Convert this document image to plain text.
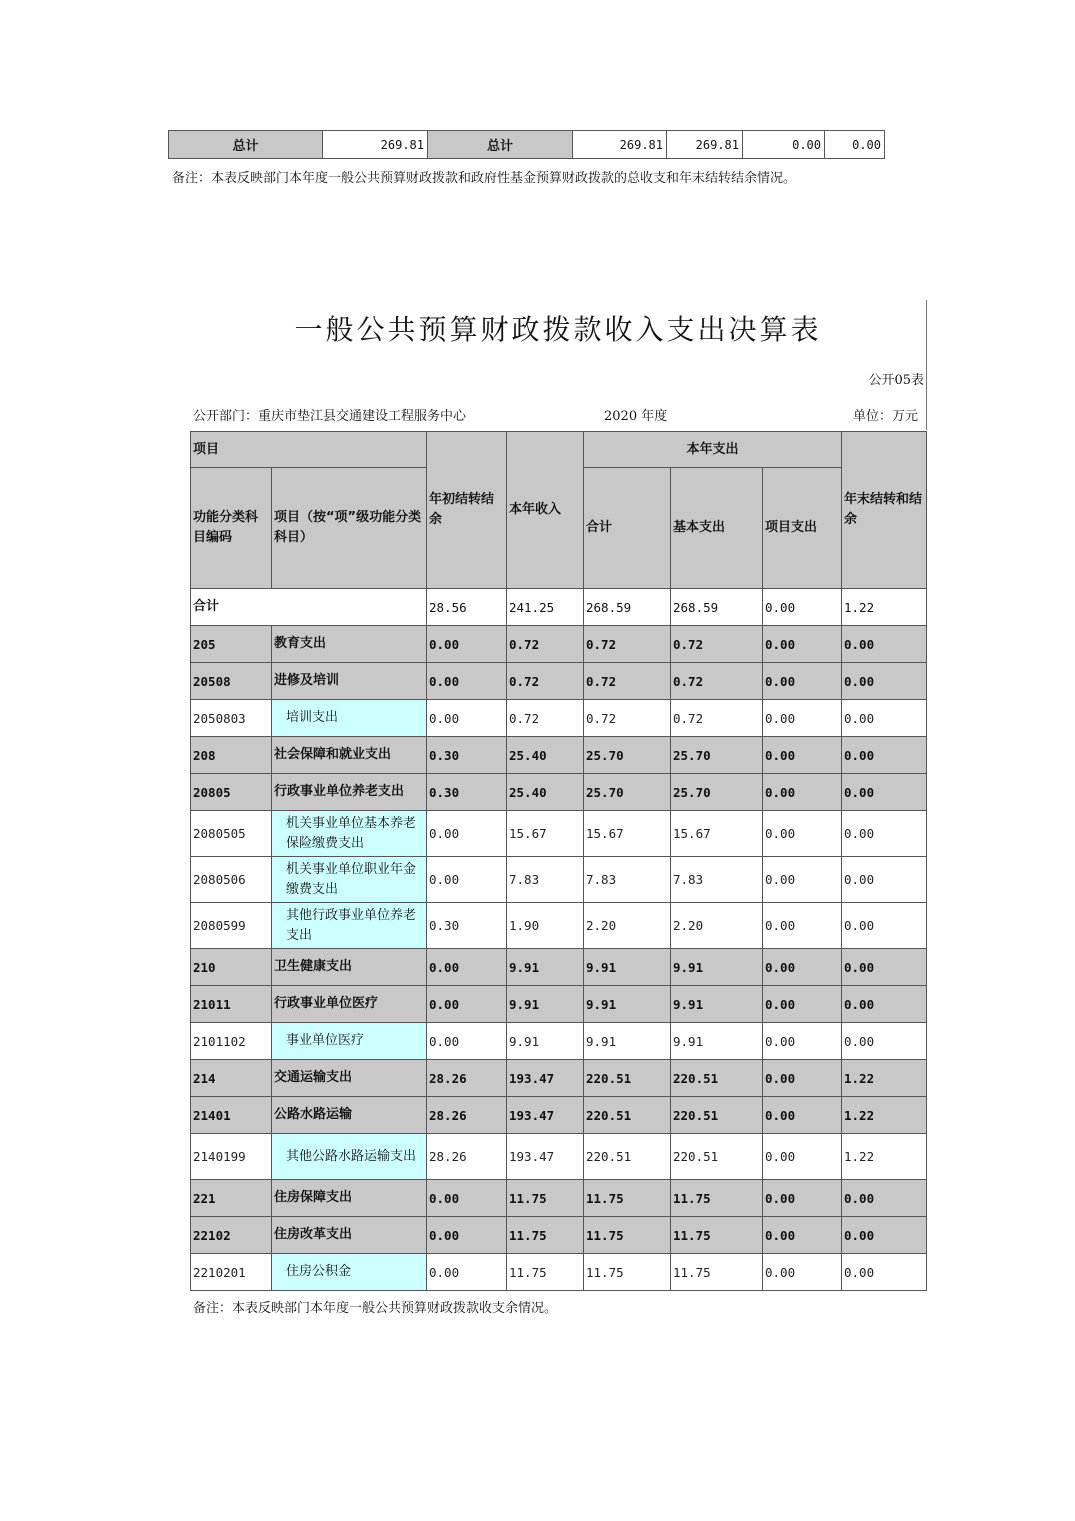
总计	269.81	总计	269.81	269.81	0.00	0.00
备注：本表反映部门本年度一般公共预算财政拨款和政府性基金预算财政拨款的总收支和年末结转结余情况。
一般公共预算财政拨款收入支出决算表
公开05表
公开部门：重庆市垫江县交通建设工程服务中心	2020 年度	单位：万元
项目		年初结转结余	本年收入	本年支出			年末结转和结余
功能分类科目编码	项目（按“项”级功能分类科目）			合计	基本支出	项目支出	
合计		28.56	241.25	268.59	268.59	0.00	1.22
205	教育支出	0.00	0.72	0.72	0.72	0.00	0.00
20508	进修及培训	0.00	0.72	0.72	0.72	0.00	0.00
2050803	培训支出	0.00	0.72	0.72	0.72	0.00	0.00
208	社会保障和就业支出	0.30	25.40	25.70	25.70	0.00	0.00
20805	行政事业单位养老支出	0.30	25.40	25.70	25.70	0.00	0.00
2080505	机关事业单位基本养老保险缴费支出	0.00	15.67	15.67	15.67	0.00	0.00
2080506	机关事业单位职业年金缴费支出	0.00	7.83	7.83	7.83	0.00	0.00
2080599	其他行政事业单位养老支出	0.30	1.90	2.20	2.20	0.00	0.00
210	卫生健康支出	0.00	9.91	9.91	9.91	0.00	0.00
21011	行政事业单位医疗	0.00	9.91	9.91	9.91	0.00	0.00
2101102	事业单位医疗	0.00	9.91	9.91	9.91	0.00	0.00
214	交通运输支出	28.26	193.47	220.51	220.51	0.00	1.22
21401	公路水路运输	28.26	193.47	220.51	220.51	0.00	1.22
2140199	其他公路水路运输支出	28.26	193.47	220.51	220.51	0.00	1.22
221	住房保障支出	0.00	11.75	11.75	11.75	0.00	0.00
22102	住房改革支出	0.00	11.75	11.75	11.75	0.00	0.00
2210201	住房公积金	0.00	11.75	11.75	11.75	0.00	0.00
备注：本表反映部门本年度一般公共预算财政拨款收支余情况。
